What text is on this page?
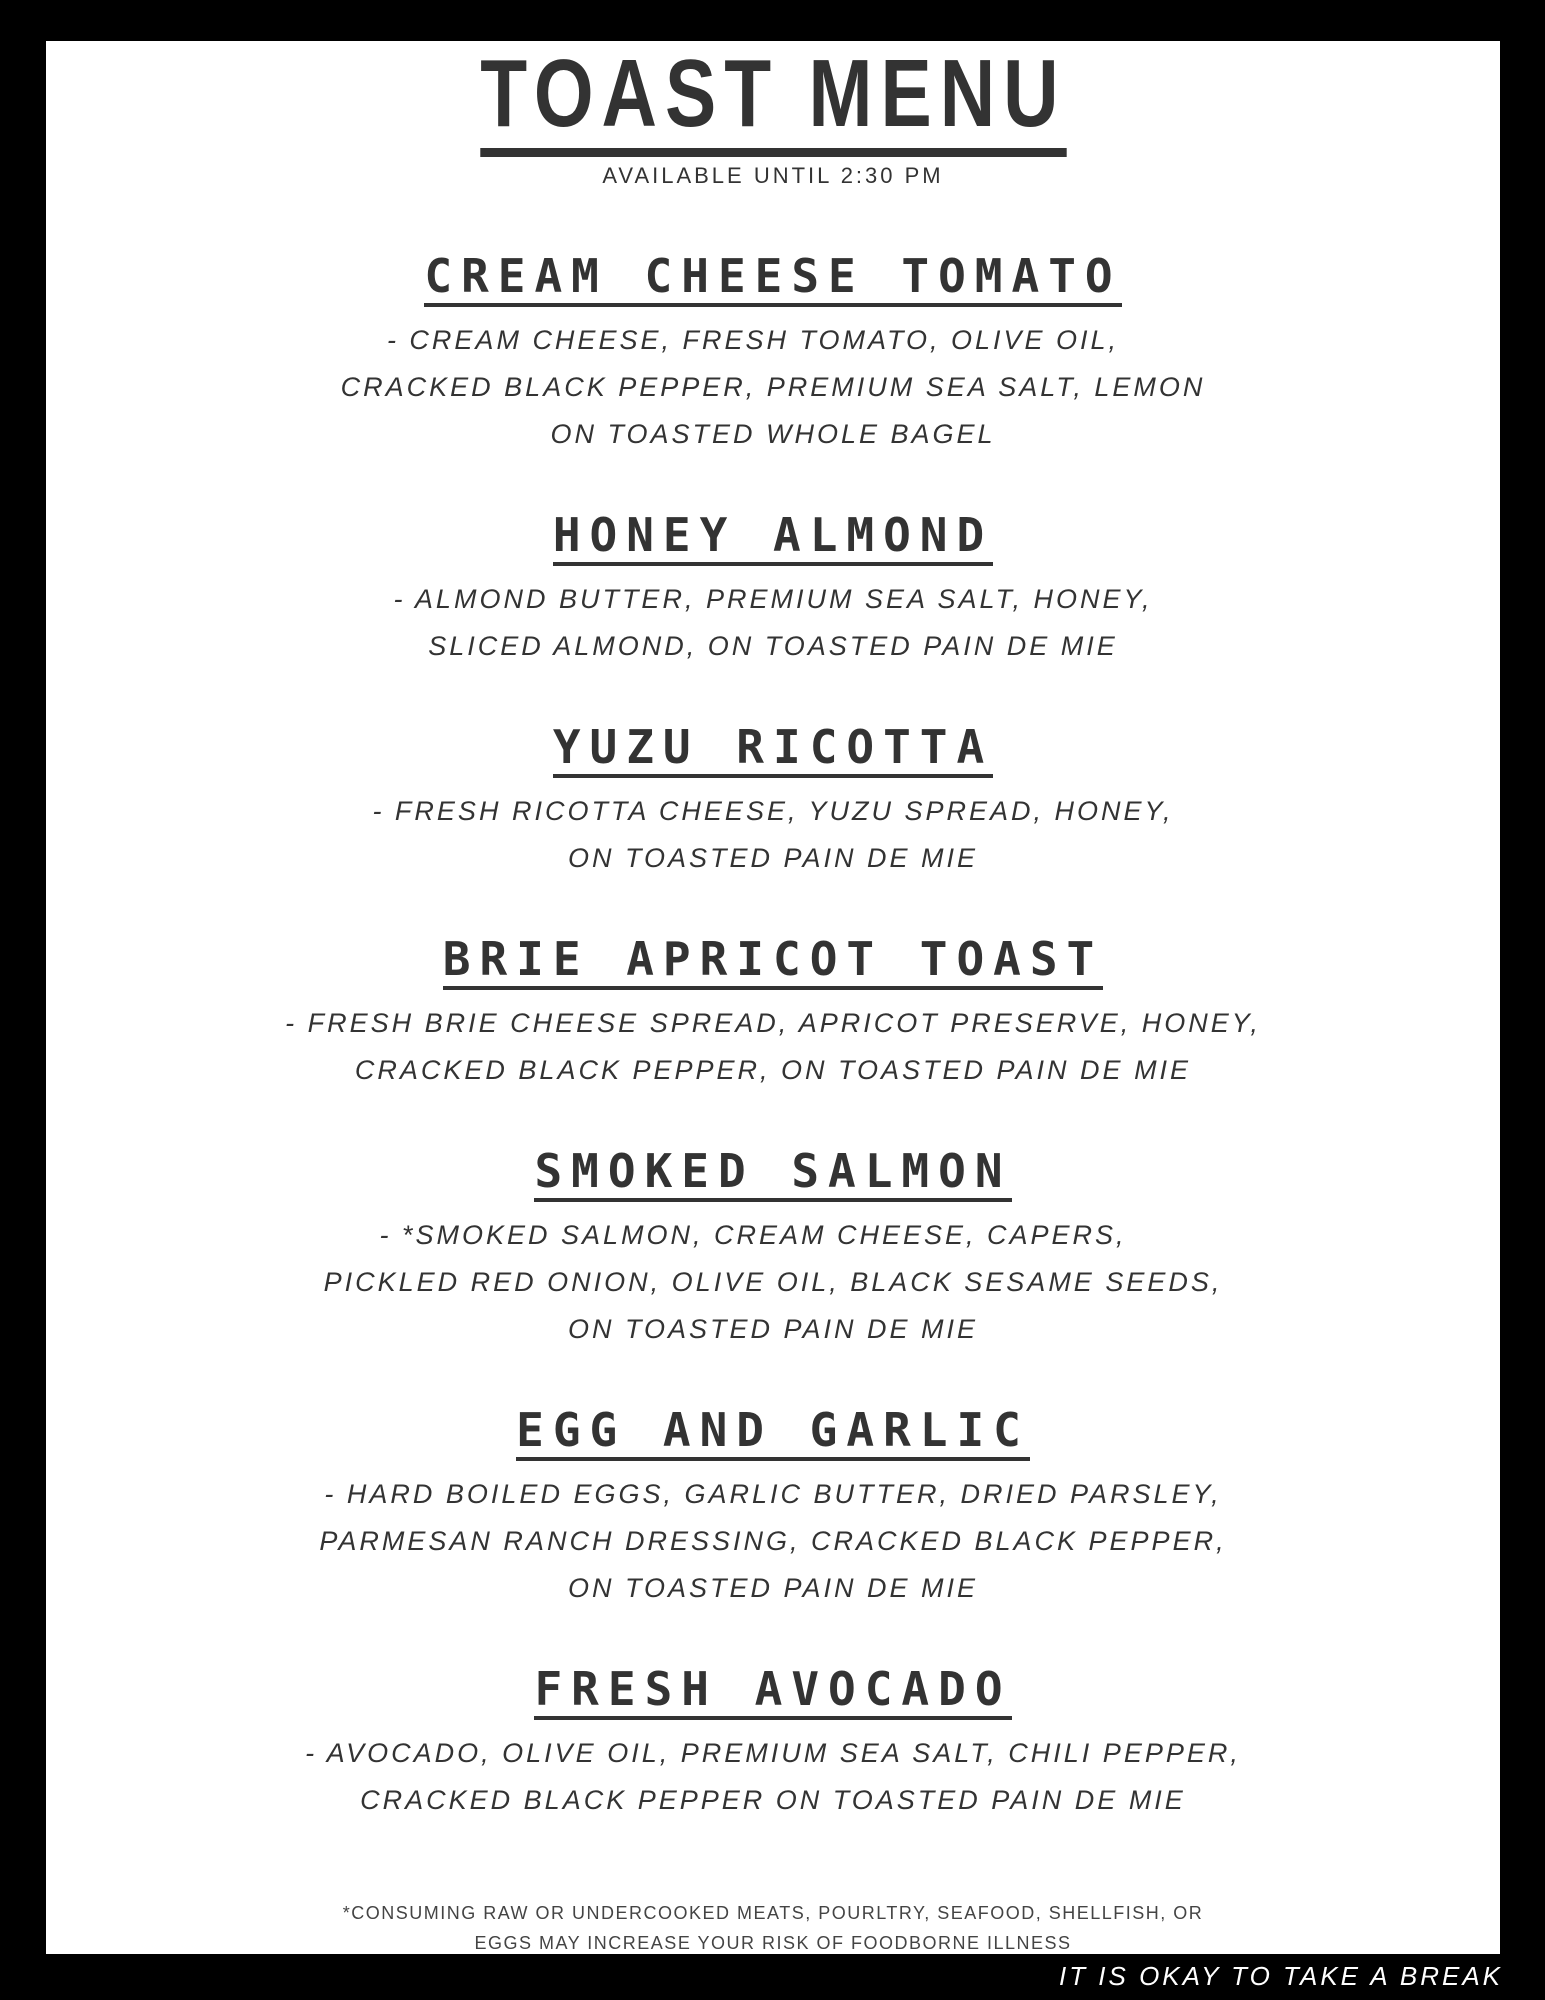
TOAST MENU
AVAILABLE UNTIL 2:30 PM
CREAM CHEESE TOMATO
- CREAM CHEESE, FRESH TOMATO, OLIVE OIL,
CRACKED BLACK PEPPER, PREMIUM SEA SALT, LEMON
ON TOASTED WHOLE BAGEL
HONEY ALMOND
- ALMOND BUTTER, PREMIUM SEA SALT, HONEY,
SLICED ALMOND, ON TOASTED PAIN DE MIE
YUZU RICOTTA
- FRESH RICOTTA CHEESE, YUZU SPREAD, HONEY,
ON TOASTED PAIN DE MIE
BRIE APRICOT TOAST
- FRESH BRIE CHEESE SPREAD, APRICOT PRESERVE, HONEY,
CRACKED BLACK PEPPER, ON TOASTED PAIN DE MIE
SMOKED SALMON
- *SMOKED SALMON, CREAM CHEESE, CAPERS,
PICKLED RED ONION, OLIVE OIL, BLACK SESAME SEEDS,
ON TOASTED PAIN DE MIE
EGG AND GARLIC
- HARD BOILED EGGS, GARLIC BUTTER, DRIED PARSLEY,
PARMESAN RANCH DRESSING, CRACKED BLACK PEPPER,
ON TOASTED PAIN DE MIE
FRESH AVOCADO
- AVOCADO, OLIVE OIL, PREMIUM SEA SALT, CHILI PEPPER,
CRACKED BLACK PEPPER ON TOASTED PAIN DE MIE
*CONSUMING RAW OR UNDERCOOKED MEATS, POURLTRY, SEAFOOD, SHELLFISH, OR
EGGS MAY INCREASE YOUR RISK OF FOODBORNE ILLNESS
IT IS OKAY TO TAKE A BREAK
